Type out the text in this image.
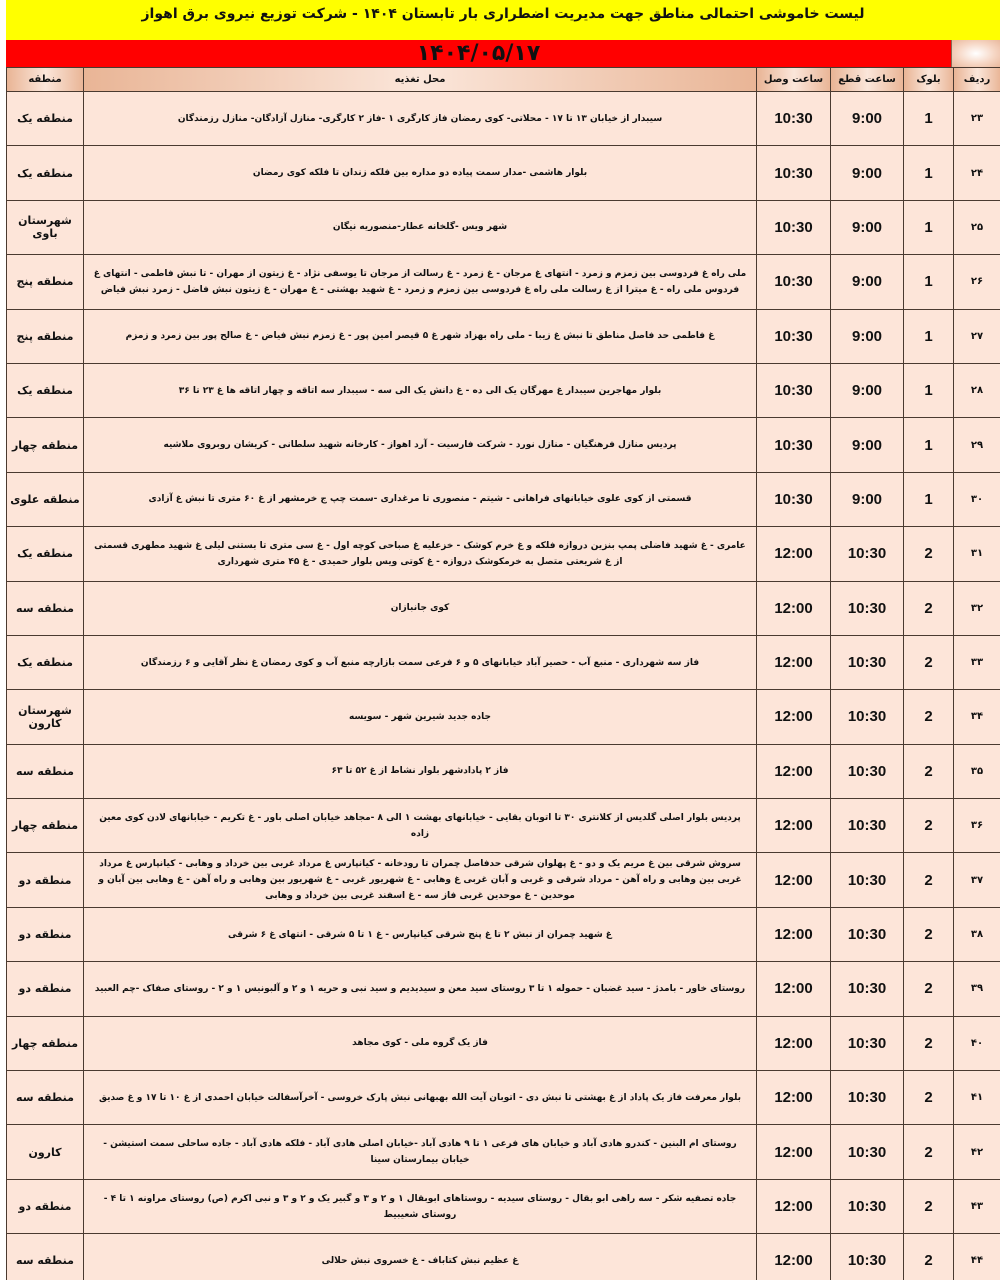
لیست خاموشی احتمالی مناطق جهت مدیریت اضطراری بار تابستان ۱۴۰۴ - شرکت توزیع نیروی برق اهواز
۱۴۰۴/۰۵/۱۷
ردیف	بلوک	ساعت قطع	ساعت وصل	محل تغذیه	منطقه
۲۳	1	9:00	10:30	سیبدار از خیابان ۱۳ تا ۱۷ - محلاتی- کوی رمضان فاز کارگری ۱ -فاز ۲ کارگری- منازل آزادگان- منازل رزمندگان	منطقه یک
۲۴	1	9:00	10:30	بلوار هاشمی -مدار سمت پیاده دو مداره بین فلکه زندان تا فلکه کوی رمضان	منطقه یک
۲۵	1	9:00	10:30	شهر ویس -گلخانه عطار-منصوریه نیگان	شهرستان باوی
۲۶	1	9:00	10:30	ملی راه غ فردوسی بین زمزم و زمرد - انتهای غ مرجان - غ زمرد - غ رسالت از مرجان تا یوسفی نژاد - غ زیتون از مهران - تا نبش فاطمی - انتهای غ فردوس ملی راه - غ میترا از غ رسالت ملی راه غ فردوسی بین زمزم و زمرد - غ شهید بهشتی - غ مهران - غ زیتون نبش فاضل - زمرد نبش فیاض	منطقه پنج
۲۷	1	9:00	10:30	غ فاطمی حد فاصل مناطق تا نبش غ زیبا - ملی راه بهزاد شهر غ ۵ قیصر امین پور - غ زمزم نبش فیاض - غ صالح پور بین زمرد و زمزم	منطقه پنج
۲۸	1	9:00	10:30	بلوار مهاجرین سیبدار غ مهرگان یک الی ده - غ دانش یک الی سه - سیبدار سه اتاقه و چهار اتاقه ها غ ۲۳ تا ۳۶	منطقه یک
۲۹	1	9:00	10:30	پردیس منازل فرهنگیان - منازل نورد - شرکت فارسیت - آرد اهواز - کارخانه شهید سلطانی - کریشان روبروی ملاشیه	منطقه چهار
۳۰	1	9:00	10:30	قسمتی از کوی علوی خیابانهای فراهانی - شیتم - منصوری تا مرغداری -سمت چپ ج خرمشهر از غ ۶۰ متری تا نبش غ آزادی	منطقه علوی
۳۱	2	10:30	12:00	عامری - غ شهید فاضلی پمپ بنزین دروازه فلکه و غ خرم کوشک - خزعلیه غ صباحی کوچه اول - غ سی متری تا بستنی لیلی غ شهید مطهری قسمتی از غ شریعتی متصل به خرمکوشک دروازه - غ کوتی ویس بلوار حمیدی - غ ۴۵ متری شهرداری	منطقه یک
۳۲	2	10:30	12:00	کوی جانبازان	منطقه سه
۳۳	2	10:30	12:00	فاز سه شهرداری - منبع آب - حصیر آباد خیابانهای ۵ و ۶ فرعی سمت بازارچه منبع آب و کوی رمضان غ نظر آقایی و ۶ رزمندگان	منطقه یک
۳۴	2	10:30	12:00	جاده جدید شیرین شهر - سویسه	شهرستان کارون
۳۵	2	10:30	12:00	فاز ۲ پادادشهر بلوار نشاط از غ ۵۲ تا ۶۳	منطقه سه
۳۶	2	10:30	12:00	پردیس بلوار اصلی گلدیس از کلانتری ۳۰ تا اتوبان بقایی - خیابانهای بهشت ۱ الی ۸ -مجاهد خیابان اصلی باور - غ تکریم - خیابانهای لادن کوی معین زاده	منطقه چهار
۳۷	2	10:30	12:00	سروش شرقی بین غ مریم یک و دو - غ پهلوان شرقی حدفاصل چمران تا رودخانه - کیانپارس غ مرداد غربی بین خرداد و وهابی - کیانپارس غ مرداد غربی بین وهابی و راه آهن - مرداد شرقی و غربی و آبان غربی غ وهابی - غ شهریور غربی - غ شهریور بین وهابی و راه آهن - غ وهابی بین آبان و موحدین - غ موحدین غربی فاز سه - غ اسفند غربی بین خرداد و وهابی	منطقه دو
۳۸	2	10:30	12:00	غ شهید چمران از نبش ۲ تا غ پنج شرقی کیانپارس - غ ۱ تا ۵ شرقی - انتهای غ ۶ شرقی	منطقه دو
۳۹	2	10:30	12:00	روستای خاور - بامدژ - سید غضبان - حموله ۱ تا ۳ روستای سید معن و سیدیدیم و سید نبی و حریه ۱ و ۲ و آلبونیس ۱ و ۲ - روستای صفاک -چم العبید	منطقه دو
۴۰	2	10:30	12:00	فاز یک گروه ملی - کوی مجاهد	منطقه چهار
۴۱	2	10:30	12:00	بلوار معرفت فاز یک پاداد از غ بهشتی تا نبش دی - اتوبان آیت الله بهبهانی نبش پارک خروسی - آخرآسفالت خیابان احمدی از غ ۱۰ تا ۱۷ و غ صدیق	منطقه سه
۴۲	2	10:30	12:00	روستای ام البنین - کندرو هادی آباد و خیابان های فرعی ۱ تا ۹ هادی آباد -خیابان اصلی هادی آباد - فلکه هادی آباد - جاده ساحلی سمت استیشن - خیابان بیمارستان سینا	کارون
۴۳	2	10:30	12:00	جاده تصفیه شکر - سه راهی ابو بقال - روستای سیدیه - روستاهای ابوبقال ۱ و ۲ و ۳ و گبیر یک و ۲ و ۳ و نبی اکرم (ص) روستای مراونه ۱ تا ۴ - روستای شعیبیط	منطقه دو
۴۴	2	10:30	12:00	غ عظیم نبش کتاباف - غ خسروی نبش حلالی	منطقه سه
